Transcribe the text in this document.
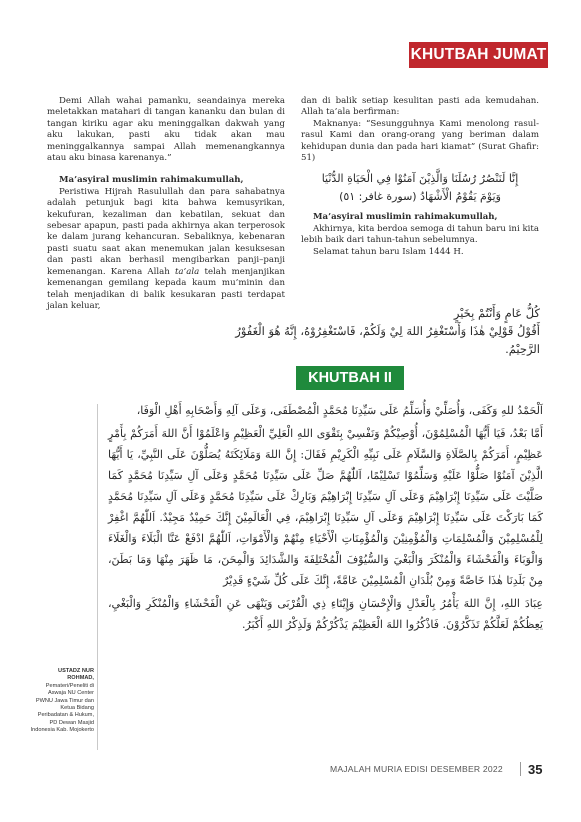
KHUTBAH JUMAT

Demi Allah wahai pamanku, seandainya mereka meletakkan matahari di tangan kananku dan bulan di tangan kiriku agar aku meninggalkan dakwah yang aku lakukan, pasti aku tidak akan mau meninggalkannya sampai Allah memenangkannya atau aku binasa karenanya.”

Ma’asyiral muslimin rahimakumullah,

Peristiwa Hijrah Rasulullah dan para sahabatnya adalah petunjuk bagi kita bahwa kemusyrikan, kekufuran, kezaliman dan kebatilan, sekuat dan sebesar apapun, pasti pada akhirnya akan terperosok ke dalam jurang kehancuran. Sebaliknya, kebenaran pasti suatu saat akan menemukan jalan kesuksesan dan pasti akan berhasil mengibarkan panji–panji kemenangan. Karena Allah ta’ala telah menjanjikan kemenangan gemilang kepada kaum mu’minin dan telah menjadikan di balik kesukaran pasti terdapat jalan keluar,

dan di balik setiap kesulitan pasti ada kemudahan. Allah ta’ala berfirman:

Maknanya: “Sesungguhnya Kami menolong rasul-rasul Kami dan orang-orang yang beriman dalam kehidupan dunia dan pada hari kiamat” (Surat Ghafir: 51)

إِنَّا لَنَنْصُرُ رُسُلَنَا وَالَّذِيْنَ آمَنُوْا فِي الْحَيَاةِ الدُّنْيَا
وَيَوْمَ يَقُوْمُ الْأَشْهَادُ (سورة غافر: ٥١)

Ma’asyiral muslimin rahimakumullah,

Akhirnya, kita berdoa semoga di tahun baru ini kita lebih baik dari tahun-tahun sebelumnya.

Selamat tahun baru Islam 1444 H.

كُلُّ عَامٍ وَأَنْتُمْ بِخَيْرٍ
أَقُوْلُ قَوْلِيْ هٰذَا وَأَسْتَغْفِرُ اللهَ لِيْ وَلَكُمْ، فَاسْتَغْفِرُوْهُ، إِنَّهُ هُوَ الْغَفُوْرُ الرَّحِيْمُ.
KHUTBAH II

اَلْحَمْدُ للهِ وَكَفَى، وَأُصَلِّيْ وَأُسَلِّمُ عَلَى سَيِّدِنَا مُحَمَّدٍ الْمُصْطَفَى، وَعَلَى آلِهِ وَأَصْحَابِهِ أَهْلِ الْوَفَا،

أَمَّا بَعْدُ، فَيَا أَيُّهَا الْمُسْلِمُوْنَ، أُوْصِيْكُمْ وَنَفْسِيْ بِتَقْوَى اللهِ الْعَلِيِّ الْعَظِيْمِ وَاعْلَمُوْا أَنَّ اللهَ أَمَرَكُمْ بِأَمْرٍ عَظِيْمٍ، أَمَرَكُمْ بِالصَّلَاةِ وَالسَّلَامِ عَلَى نَبِيِّهِ الْكَرِيْمِ فَقَالَ: إِنَّ اللهَ وَمَلَائِكَتَهُ يُصَلُّوْنَ عَلَى النَّبِيِّ، يَا أَيُّهَا الَّذِيْنَ آمَنُوْا صَلُّوْا عَلَيْهِ وَسَلِّمُوْا تَسْلِيْمًا، اَللّٰهُمَّ صَلِّ عَلَى سَيِّدِنَا مُحَمَّدٍ وَعَلَى آلِ سَيِّدِنَا مُحَمَّدٍ كَمَا صَلَّيْتَ عَلَى سَيِّدِنَا إِبْرَاهِيْمَ وَعَلَى آلِ سَيِّدِنَا إِبْرَاهِيْمَ وَبَارِكْ عَلَى سَيِّدِنَا مُحَمَّدٍ وَعَلَى آلِ سَيِّدِنَا مُحَمَّدٍ كَمَا بَارَكْتَ عَلَى سَيِّدِنَا إِبْرَاهِيْمَ وَعَلَى آلِ سَيِّدِنَا إِبْرَاهِيْمَ، فِي الْعَالَمِيْنَ إِنَّكَ حَمِيْدٌ مَجِيْدٌ. اَللّٰهُمَّ اغْفِرْ لِلْمُسْلِمِيْنَ وَالْمُسْلِمَاتِ وَالْمُؤْمِنِيْنَ وَالْمُؤْمِنَاتِ الْأَحْيَاءِ مِنْهُمْ وَالْأَمْوَاتِ، اَللّٰهُمَّ ادْفَعْ عَنَّا الْبَلَاءَ وَالْغَلَاءَ وَالْوَبَاءَ وَالْفَحْشَاءَ وَالْمُنْكَرَ وَالْبَغْيَ وَالسُّيُوْفَ الْمُخْتَلِفَةَ وَالشَّدَائِدَ وَالْمِحَنَ، مَا ظَهَرَ مِنْهَا وَمَا بَطَنَ، مِنْ بَلَدِنَا هٰذَا خَاصَّةً وَمِنْ بُلْدَانِ الْمُسْلِمِيْنَ عَامَّةً، إِنَّكَ عَلَى كُلِّ شَيْءٍ قَدِيْرٌ

عِبَادَ اللهِ، إِنَّ اللهَ يَأْمُرُ بِالْعَدْلِ وَالْإِحْسَانِ وَإِيْتَاءِ ذِي الْقُرْبَى وَيَنْهَى عَنِ الْفَحْشَاءِ وَالْمُنْكَرِ وَالْبَغْيِ، يَعِظُكُمْ لَعَلَّكُمْ تَذَكَّرُوْنَ. فَاذْكُرُوا اللهَ الْعَظِيْمَ يَذْكُرْكُمْ وَلَذِكْرُ اللهِ أَكْبَرُ.

USTADZ NUR ROHMAD,
Pemateri/Peneliti di Aswaja NU Center PWNU Jawa Timur dan Ketua Bidang Peribadatan & Hukum, PD Dewan Masjid Indonesia Kab. Mojokerto
MAJALAH MURIA EDISI DESEMBER 2022 35
